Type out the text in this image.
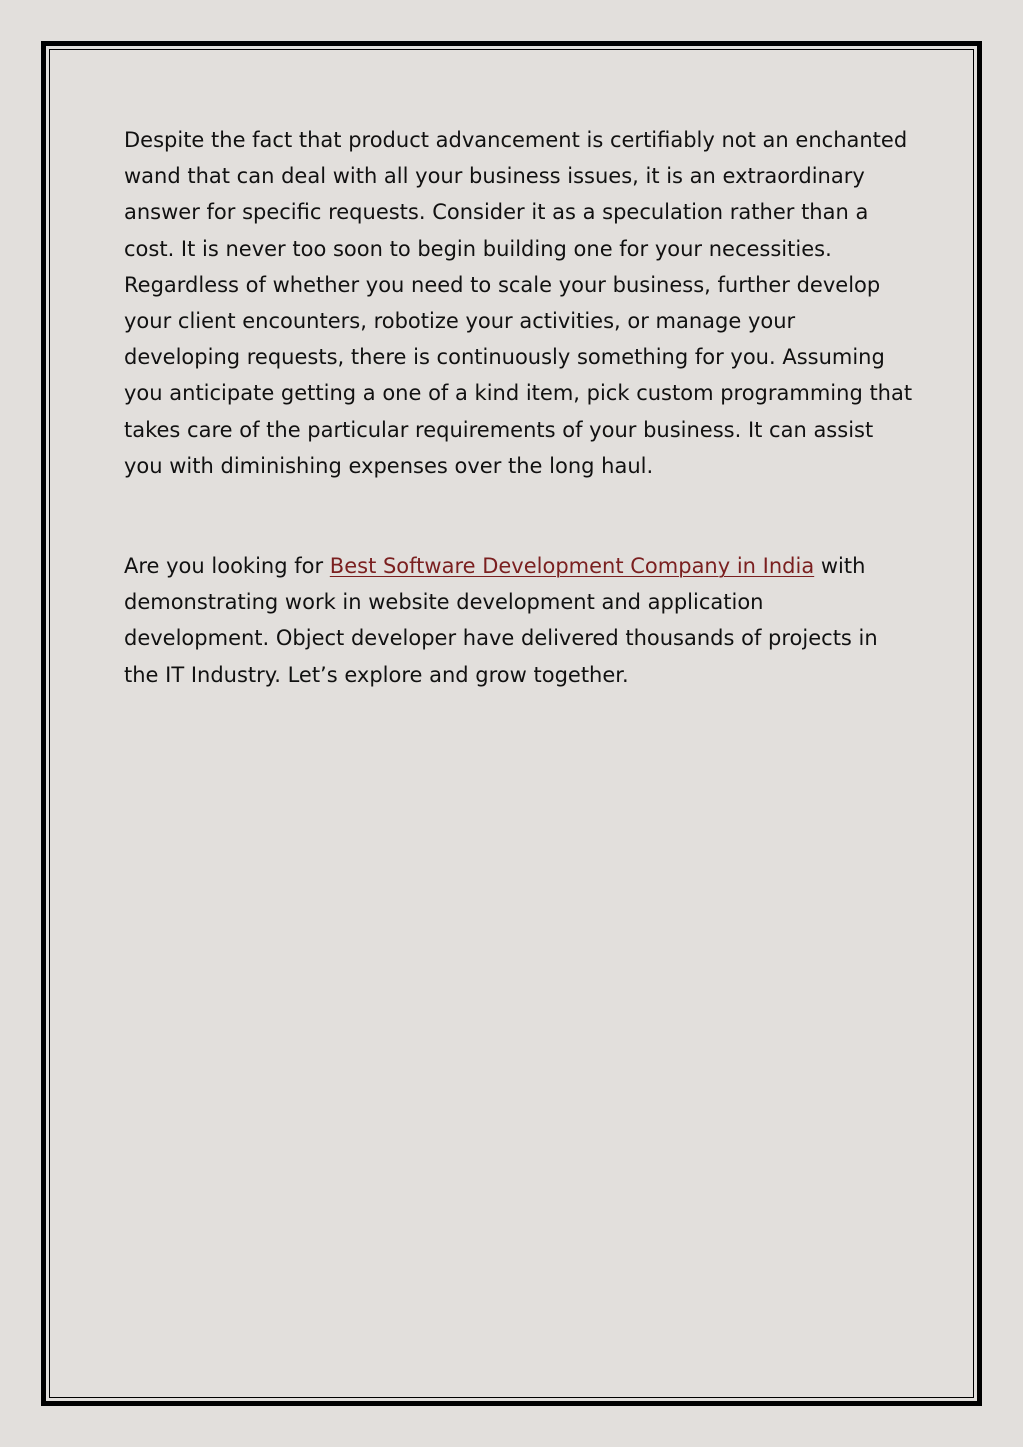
Despite the fact that product advancement is certifiably not an enchanted wand that can deal with all your business issues, it is an extraordinary answer for specific requests. Consider it as a speculation rather than a cost. It is never too soon to begin building one for your necessities. Regardless of whether you need to scale your business, further develop your client encounters, robotize your activities, or manage your developing requests, there is continuously something for you. Assuming you anticipate getting a one of a kind item, pick custom programming that takes care of the particular requirements of your business. It can assist you with diminishing expenses over the long haul.

Are you looking for Best Software Development Company in India with demonstrating work in website development and application development. Object developer have delivered thousands of projects in the IT Industry. Let’s explore and grow together.
